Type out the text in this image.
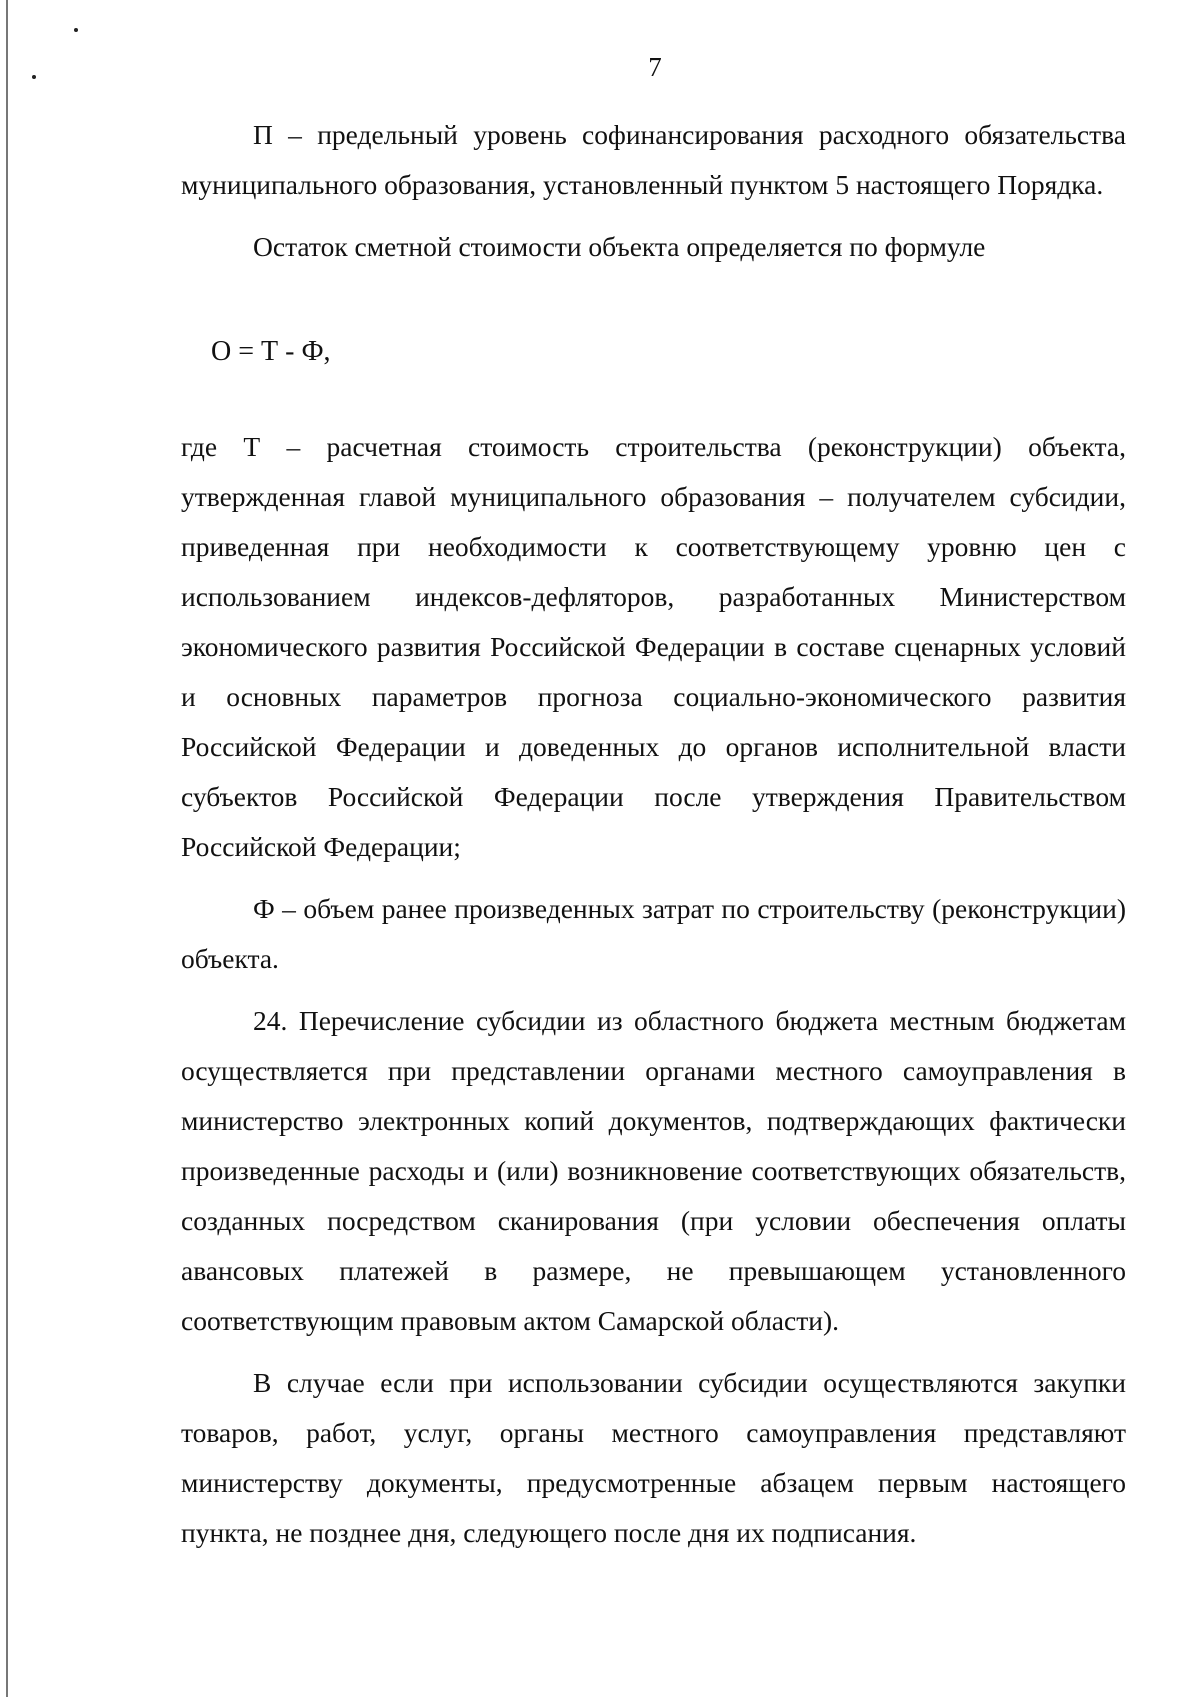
7

П – предельный уровень софинансирования расходного обязательства муниципального образования, установленный пунктом 5 настоящего Порядка.

Остаток сметной стоимости объекта определяется по формуле

О = Т - Ф,

где Т – расчетная стоимость строительства (реконструкции) объекта, утвержденная главой муниципального образования – получателем субсидии, приведенная при необходимости к соответствующему уровню цен с использованием индексов-дефляторов, разработанных Министерством экономического развития Российской Федерации в составе сценарных условий и основных параметров прогноза социально-экономического развития Российской Федерации и доведенных до органов исполнительной власти субъектов Российской Федерации после утверждения Правительством Российской Федерации;

Ф – объем ранее произведенных затрат по строительству (реконструкции) объекта.

24. Перечисление субсидии из областного бюджета местным бюджетам осуществляется при представлении органами местного самоуправления в министерство электронных копий документов, подтверждающих фактически произведенные расходы и (или) возникновение соответствующих обязательств, созданных посредством сканирования (при условии обеспечения оплаты авансовых платежей в размере, не превышающем установленного соответствующим правовым актом Самарской области).

В случае если при использовании субсидии осуществляются закупки товаров, работ, услуг, органы местного самоуправления представляют министерству документы, предусмотренные абзацем первым настоящего пункта, не позднее дня, следующего после дня их подписания.
